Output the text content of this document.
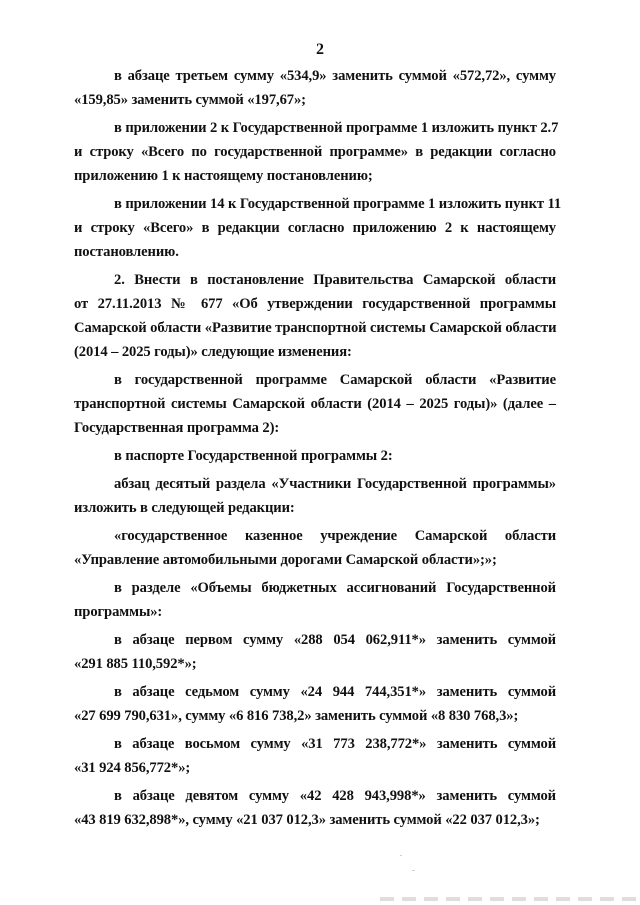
2
в абзаце третьем сумму «534,9» заменить суммой «572,72», сумму
«159,85» заменить суммой «197,67»;
в приложении 2 к Государственной программе 1 изложить пункт 2.7
и строку «Всего по государственной программе» в редакции согласно
приложению 1 к настоящему постановлению;
в приложении 14 к Государственной программе 1 изложить пункт 11
и строку «Всего» в редакции согласно приложению 2 к настоящему
постановлению.
2. Внести в постановление Правительства Самарской области
от 27.11.2013 № 677 «Об утверждении государственной программы
Самарской области «Развитие транспортной системы Самарской области
(2014 – 2025 годы)» следующие изменения:
в государственной программе Самарской области «Развитие
транспортной системы Самарской области (2014 – 2025 годы)» (далее –
Государственная программа 2):
в паспорте Государственной программы 2:
абзац десятый раздела «Участники Государственной программы»
изложить в следующей редакции:
«государственное казенное учреждение Самарской области
«Управление автомобильными дорогами Самарской области»;»;
в разделе «Объемы бюджетных ассигнований Государственной
программы»:
в абзаце первом сумму «288 054 062,911*» заменить суммой
«291 885 110,592*»;
в абзаце седьмом сумму «24 944 744,351*» заменить суммой
«27 699 790,631», сумму «6 816 738,2» заменить суммой «8 830 768,3»;
в абзаце восьмом сумму «31 773 238,772*» заменить суммой
«31 924 856,772*»;
в абзаце девятом сумму «42 428 943,998*» заменить суммой
«43 819 632,898*», сумму «21 037 012,3» заменить суммой «22 037 012,3»;
